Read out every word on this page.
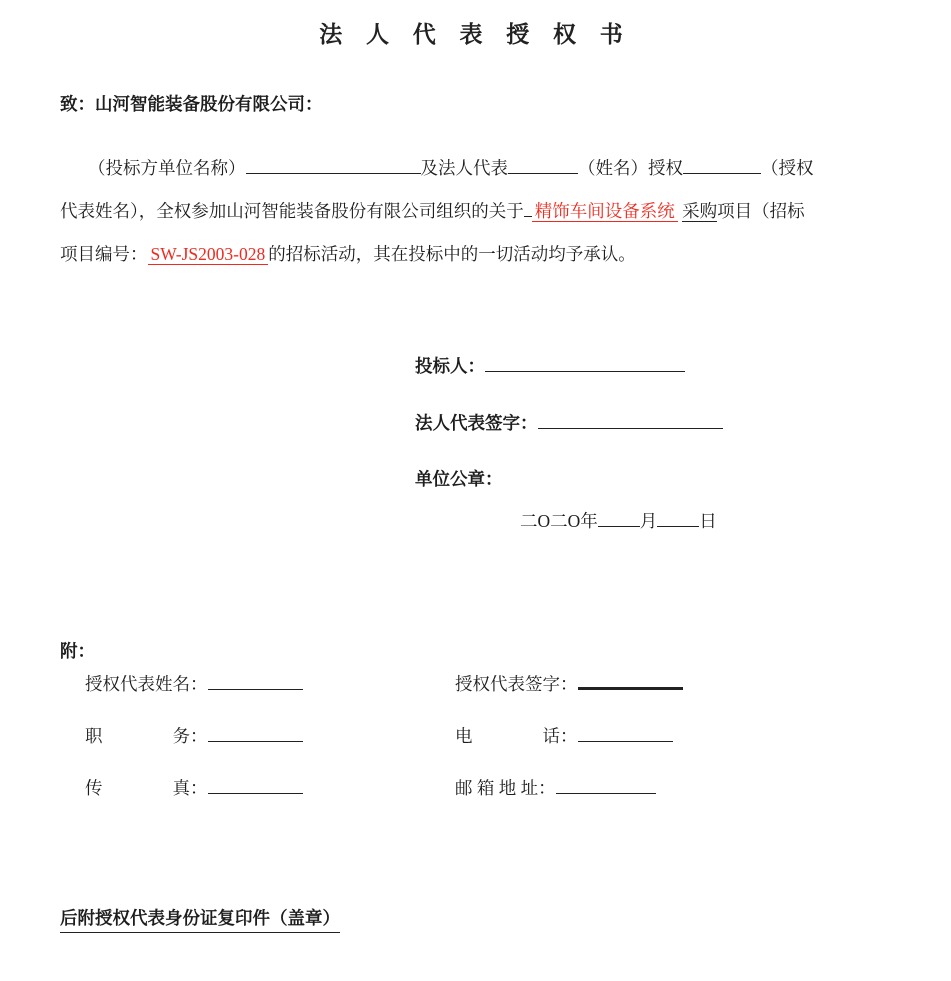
法 人 代 表 授 权 书
致：山河智能装备股份有限公司：
（投标方单位名称）	及法人代表	（姓名）授权	（授权
代表姓名），全权参加山河智能装备股份有限公司组织的关于 精饰车间设备系统 采购项目（招标
项目编号： SW-JS2003-028 的招标活动，其在投标中的一切活动均予承认。
投标人：
法人代表签字：
单位公章：
二O二O年 月 日
附：
授权代表姓名：	授权代表签字：
职　　　　务：	电　　　　话：
传　　　　真：	邮 箱 地 址：
后附授权代表身份证复印件（盖章）
